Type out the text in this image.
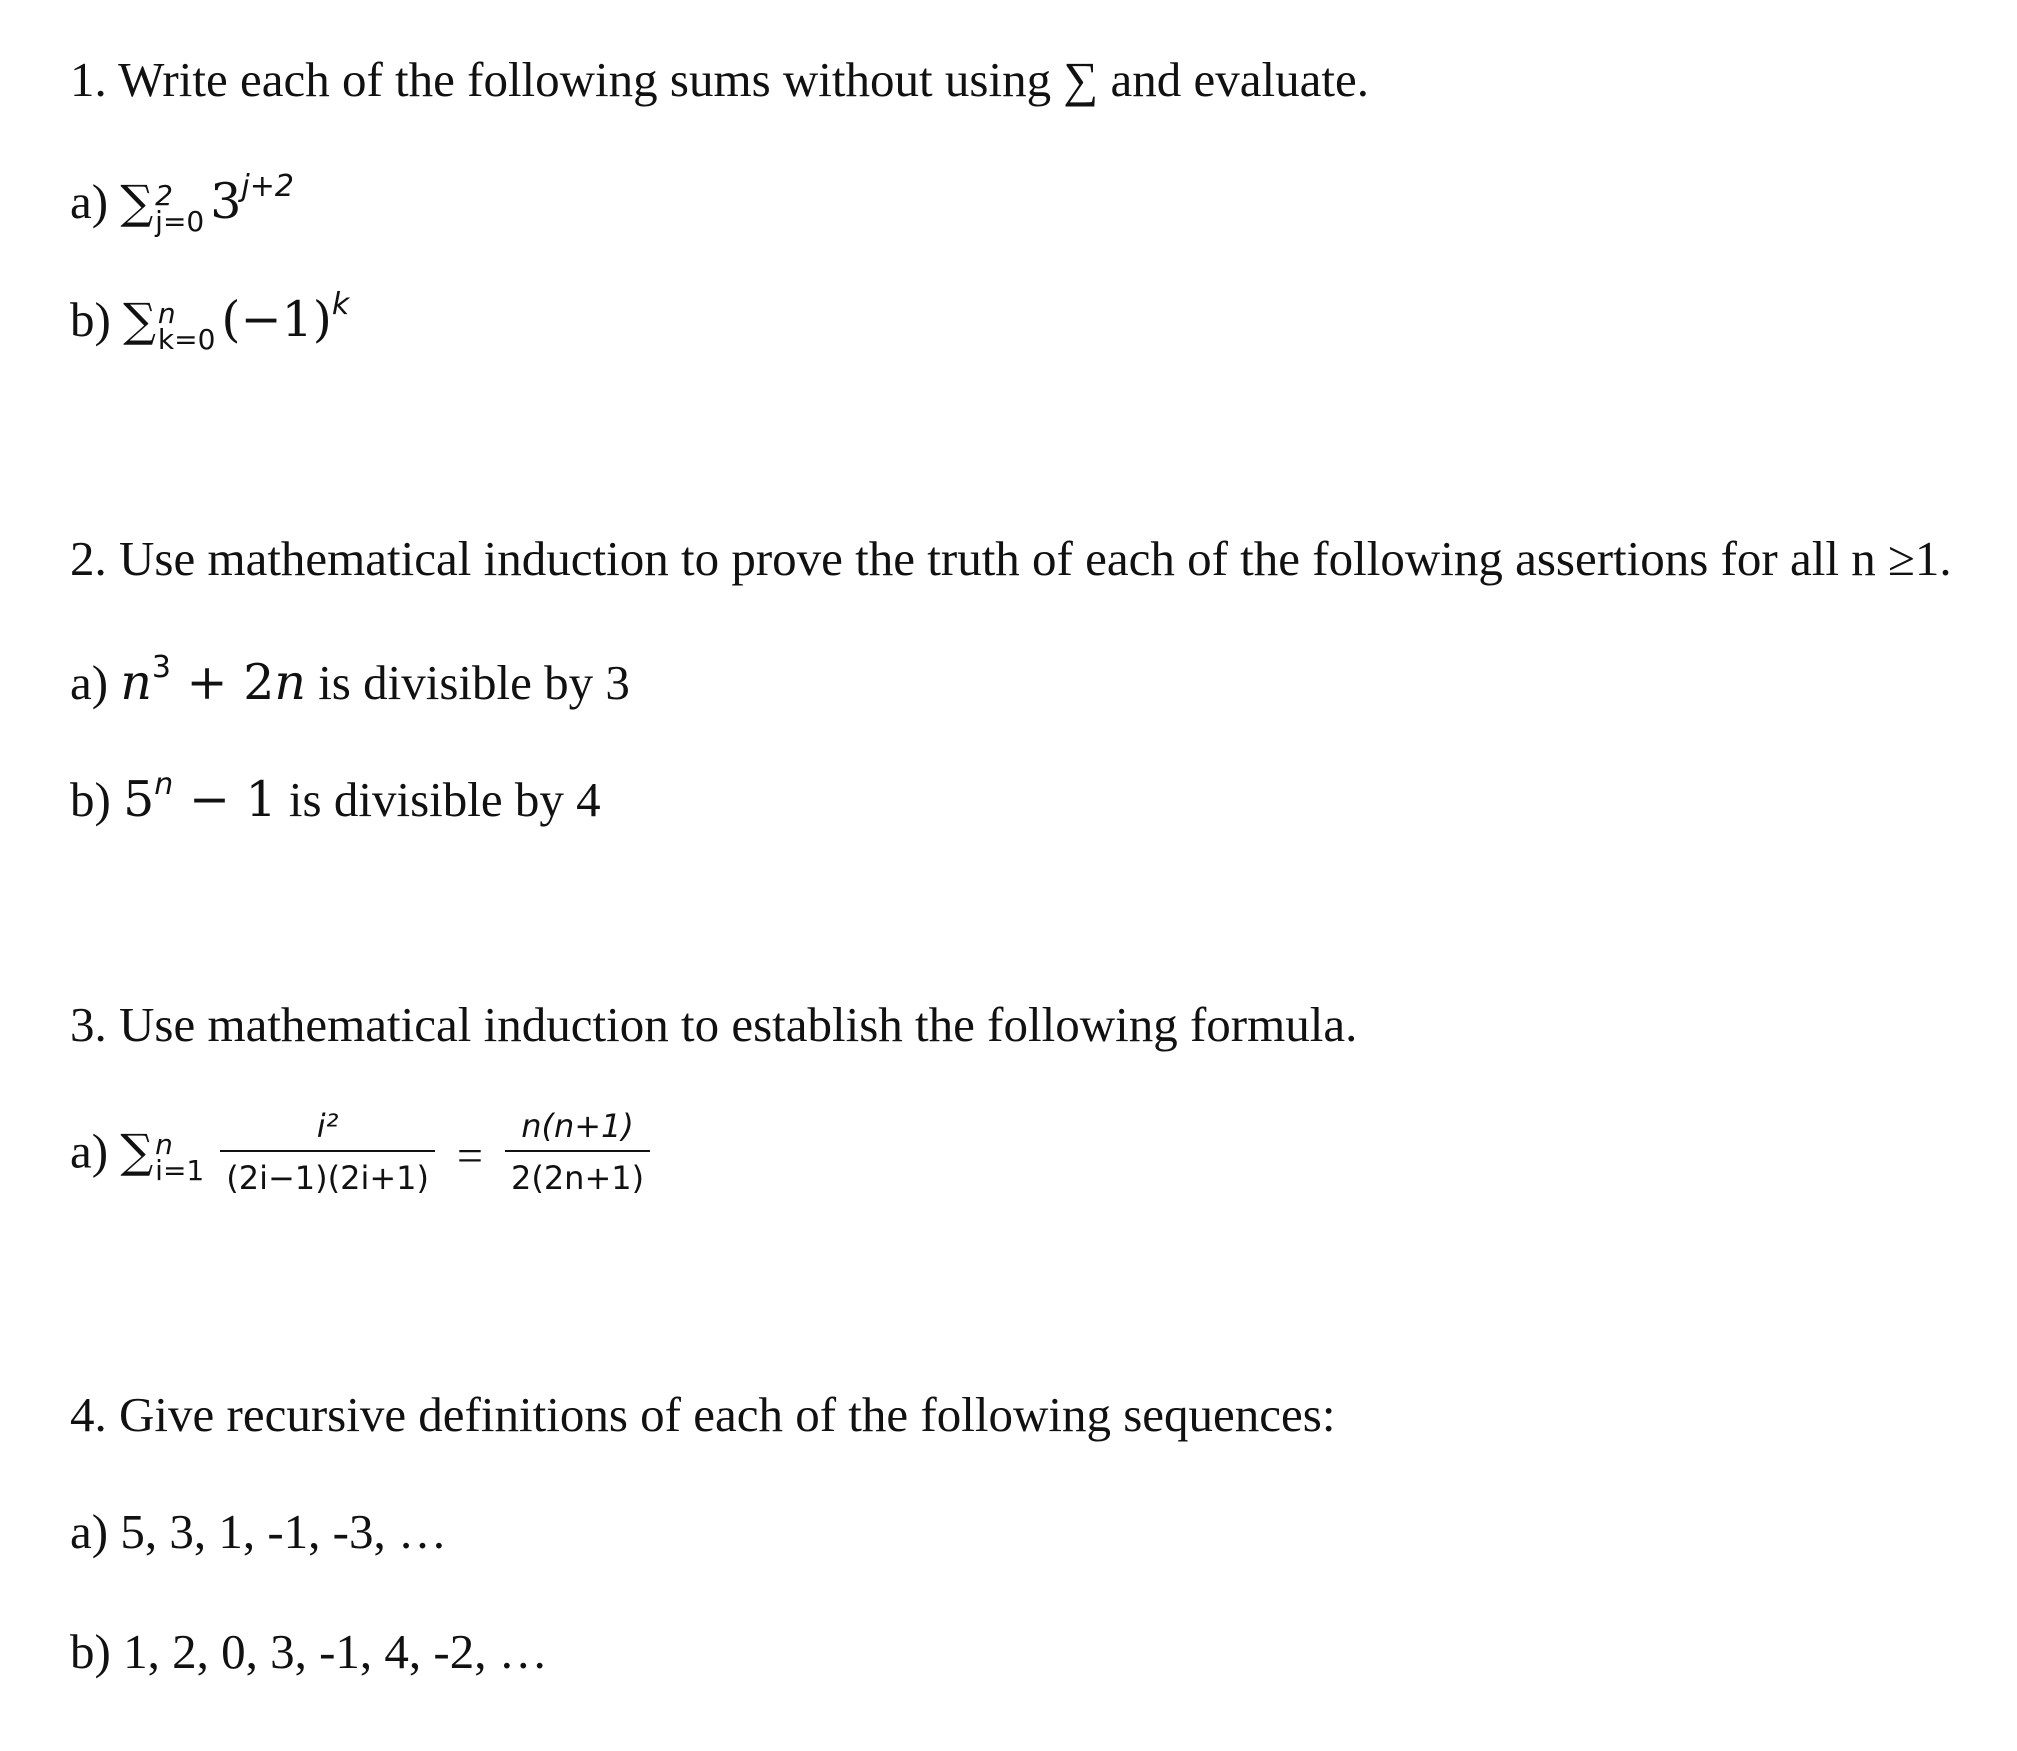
1. Write each of the following sums without using ∑ and evaluate.
a) ∑ 2
j=0 $3^{j+2}$
b) ∑ n
k=0 $(-1)^k$
2. Use mathematical induction to prove the truth of each of the following assertions for all n ≥1.
a) $n^3 + 2n$ is divisible by 3
b) $5^n - 1$ is divisible by 4
3. Use mathematical induction to establish the following formula.
a) ∑ n
$i=1 \frac{\text{i²}}{(2i-1)(2i+1)} = \frac{n(n+1)}{2(2n+1)}$
4. Give recursive definitions of each of the following sequences:
a) 5, 3, 1, -1, -3, …
b) 1, 2, 0, 3, -1, 4, -2, …
